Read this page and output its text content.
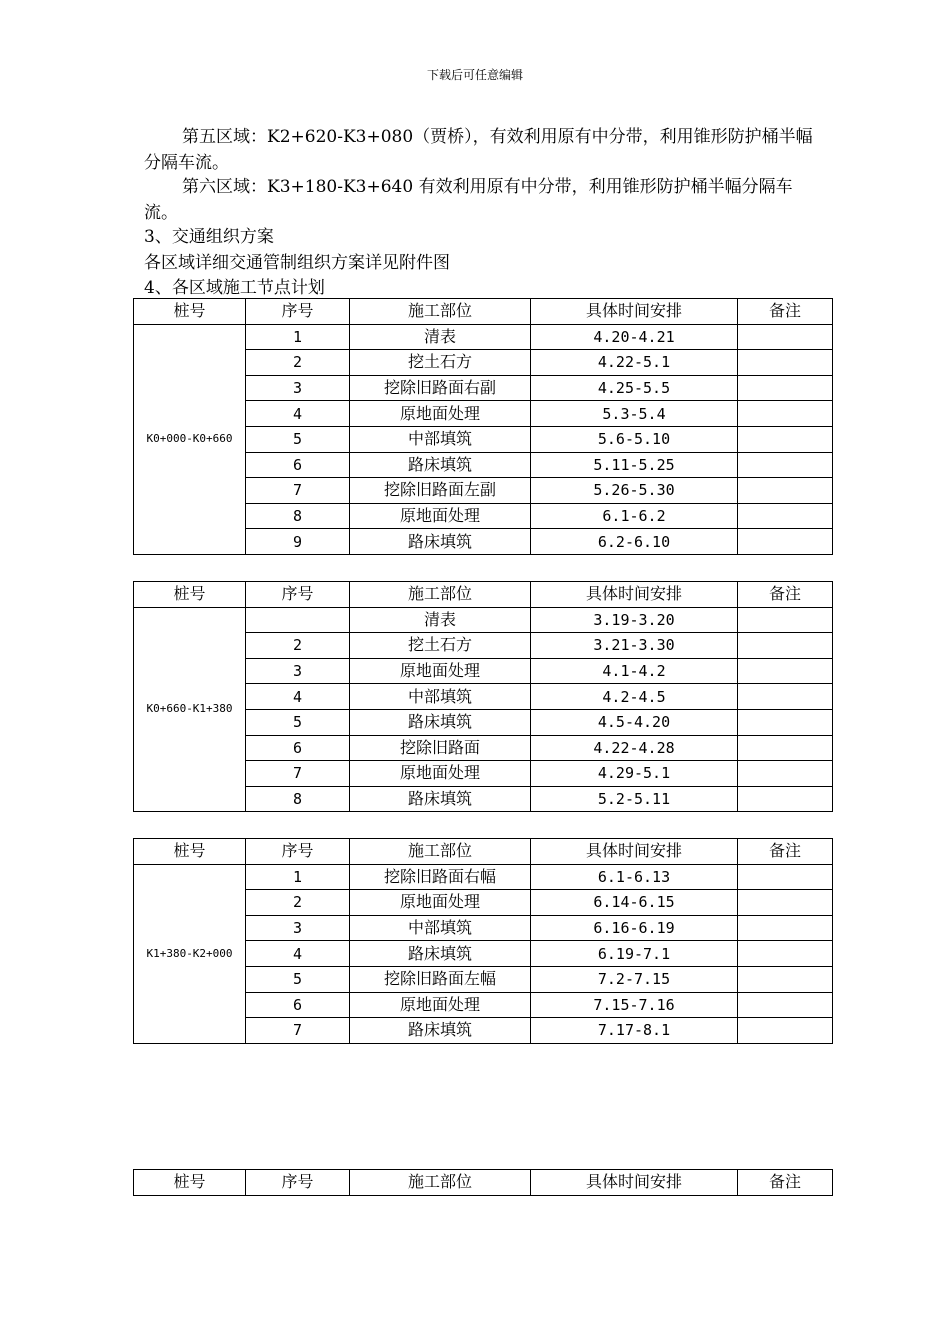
下载后可任意编辑
第五区域：K2+620-K3+080（贾桥），有效利用原有中分带，利用锥形防护桶半幅分隔车流。
第六区域：K3+180-K3+640 有效利用原有中分带，利用锥形防护桶半幅分隔车流。
3、交通组织方案
各区域详细交通管制组织方案详见附件图
4、各区域施工节点计划
桩号	序号	施工部位	具体时间安排	备注
K0+000-K0+660	1	清表	4.20-4.21	
	2	挖土石方	4.22-5.1	
	3	挖除旧路面右副	4.25-5.5	
	4	原地面处理	5.3-5.4	
	5	中部填筑	5.6-5.10	
	6	路床填筑	5.11-5.25	
	7	挖除旧路面左副	5.26-5.30	
	8	原地面处理	6.1-6.2	
	9	路床填筑	6.2-6.10	
桩号	序号	施工部位	具体时间安排	备注
K0+660-K1+380		清表	3.19-3.20	
	2	挖土石方	3.21-3.30	
	3	原地面处理	4.1-4.2	
	4	中部填筑	4.2-4.5	
	5	路床填筑	4.5-4.20	
	6	挖除旧路面	4.22-4.28	
	7	原地面处理	4.29-5.1	
	8	路床填筑	5.2-5.11	
桩号	序号	施工部位	具体时间安排	备注
K1+380-K2+000	1	挖除旧路面右幅	6.1-6.13	
	2	原地面处理	6.14-6.15	
	3	中部填筑	6.16-6.19	
	4	路床填筑	6.19-7.1	
	5	挖除旧路面左幅	7.2-7.15	
	6	原地面处理	7.15-7.16	
	7	路床填筑	7.17-8.1	
桩号	序号	施工部位	具体时间安排	备注
